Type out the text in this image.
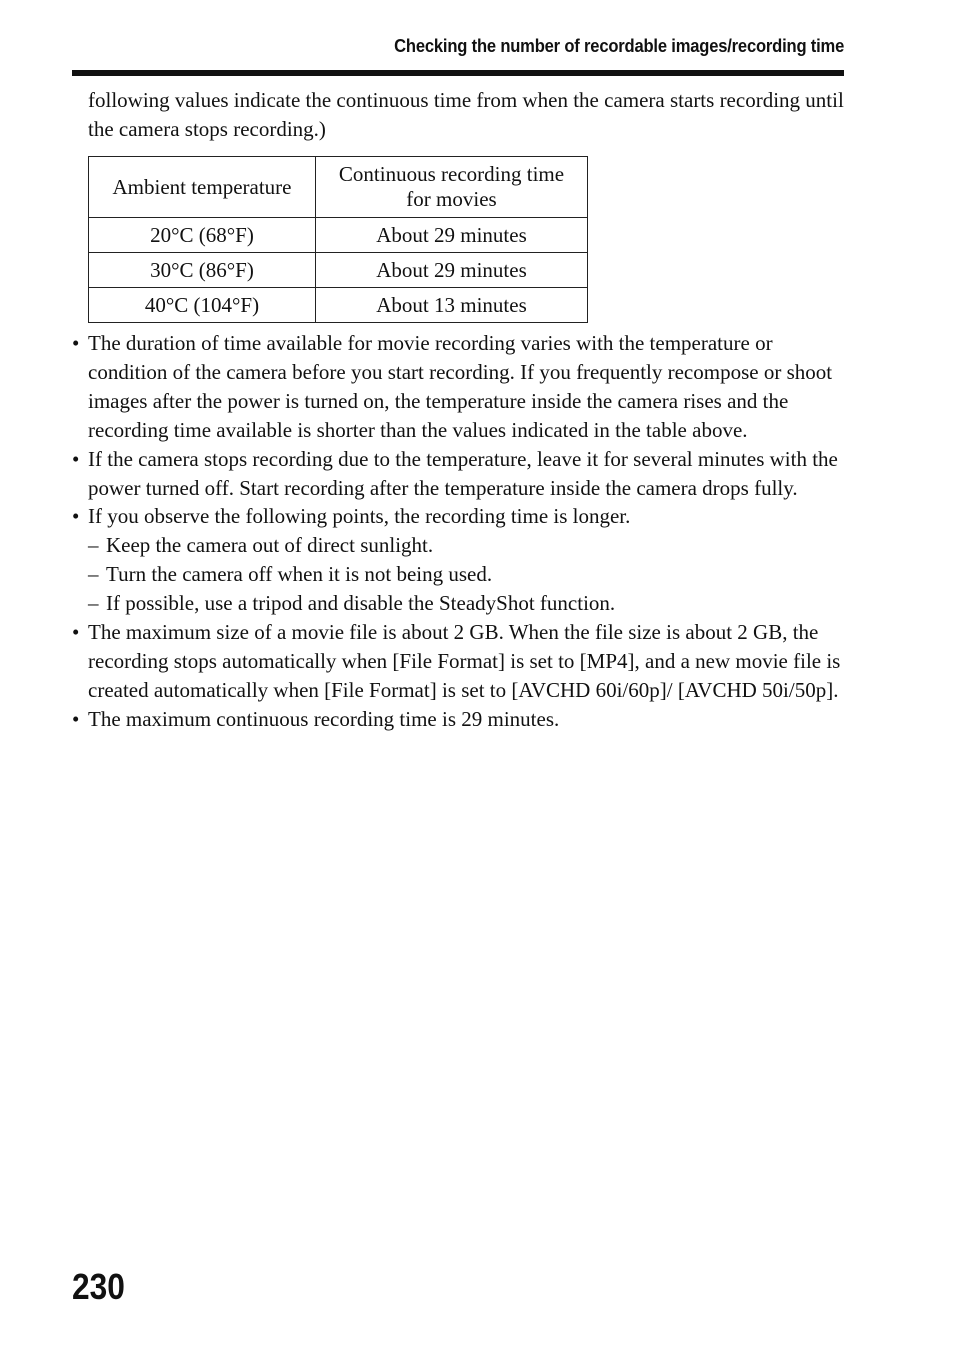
Checking the number of recordable images/recording time

following values indicate the continuous time from when the camera starts recording until the camera stops recording.)

Ambient temperature	Continuous recording time for movies
20°C (68°F)	About 29 minutes
30°C (86°F)	About 29 minutes
40°C (104°F)	About 13 minutes
• The duration of time available for movie recording varies with the temperature or condition of the camera before you start recording. If you frequently recompose or shoot images after the power is turned on, the temperature inside the camera rises and the recording time available is shorter than the values indicated in the table above.
• If the camera stops recording due to the temperature, leave it for several minutes with the power turned off. Start recording after the temperature inside the camera drops fully.
• If you observe the following points, the recording time is longer.
– Keep the camera out of direct sunlight.
– Turn the camera off when it is not being used.
– If possible, use a tripod and disable the SteadyShot function.
• The maximum size of a movie file is about 2 GB. When the file size is about 2 GB, the recording stops automatically when [File Format] is set to [MP4], and a new movie file is created automatically when [File Format] is set to [AVCHD 60i/60p]/ [AVCHD 50i/50p].
• The maximum continuous recording time is 29 minutes.
230
